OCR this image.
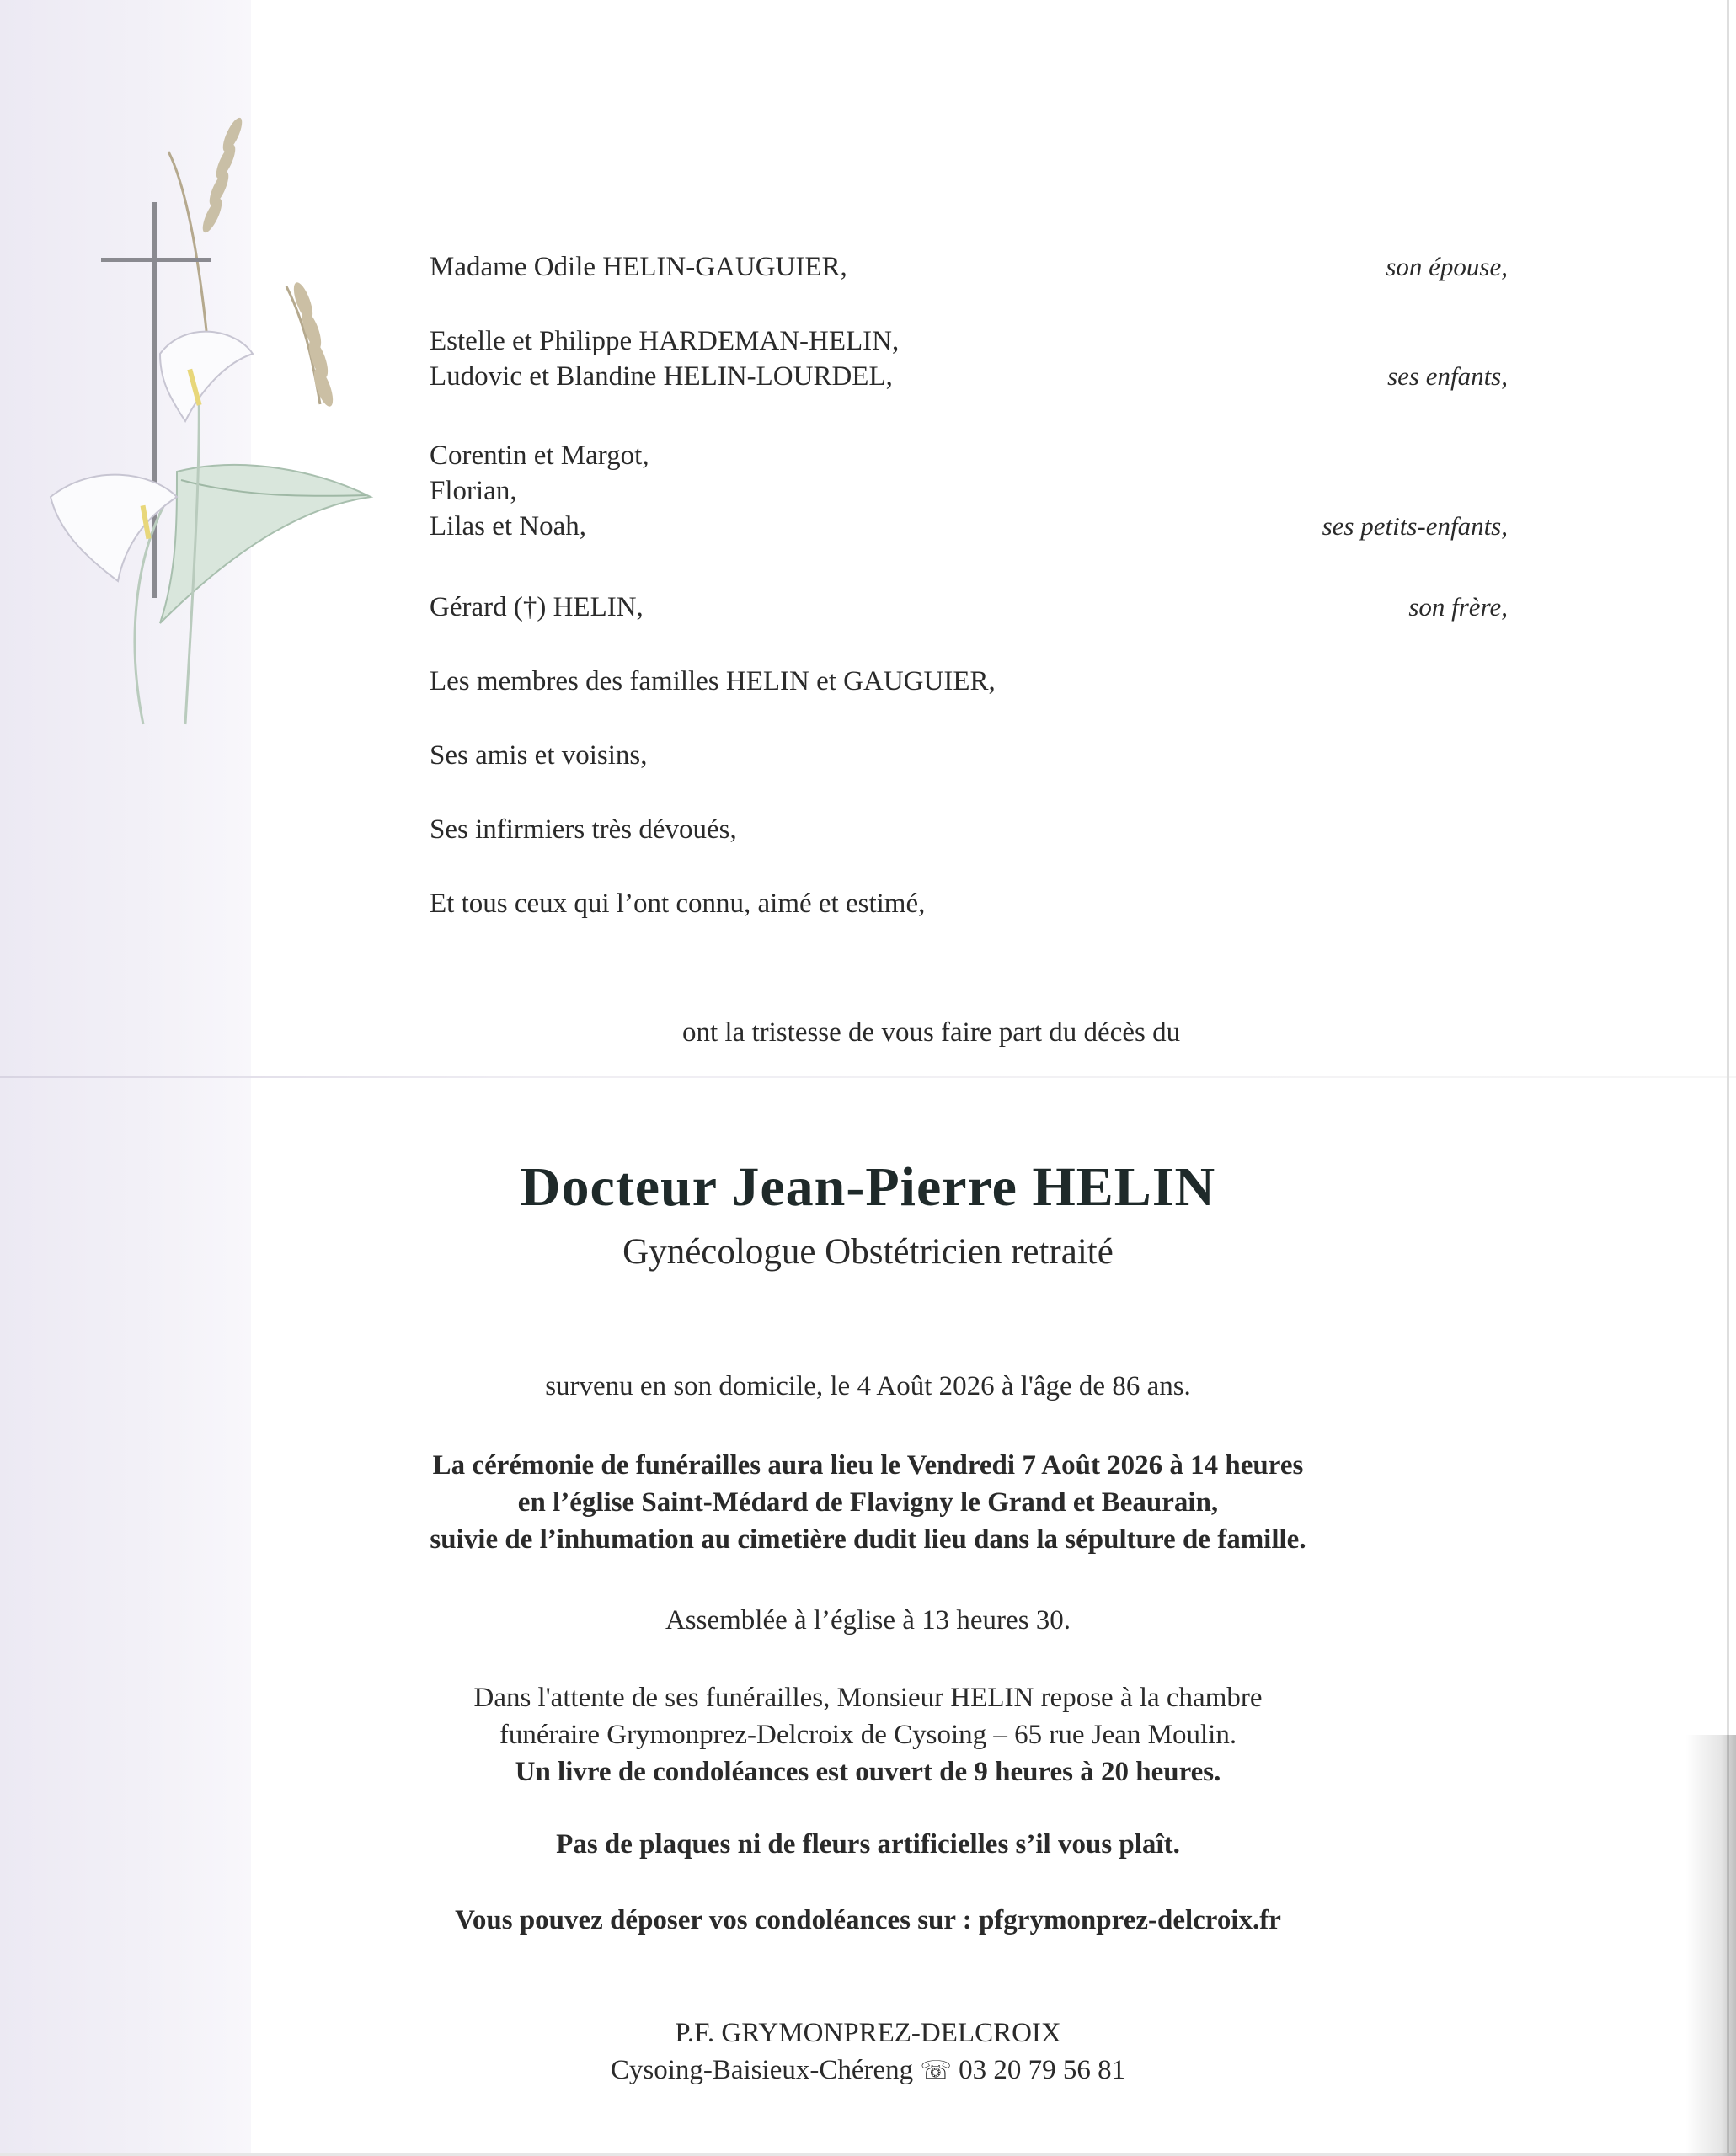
Madame Odile HELIN-GAUGUIER,	son épouse,
Estelle et Philippe HARDEMAN-HELIN,
Ludovic et Blandine HELIN-LOURDEL,	ses enfants,
Corentin et Margot,
Florian,
Lilas et Noah,	ses petits-enfants,
Gérard (†) HELIN,	son frère,
Les membres des familles HELIN et GAUGUIER,
Ses amis et voisins,
Ses infirmiers très dévoués,
Et tous ceux qui l’ont connu, aimé et estimé,
ont la tristesse de vous faire part du décès du
Docteur Jean-Pierre HELIN
Gynécologue Obstétricien retraité
survenu en son domicile, le 4 Août 2026 à l'âge de 86 ans.
La cérémonie de funérailles aura lieu le Vendredi 7 Août 2026 à 14 heures
en l’église Saint-Médard de Flavigny le Grand et Beaurain,
suivie de l’inhumation au cimetière dudit lieu dans la sépulture de famille.
Assemblée à l’église à 13 heures 30.
Dans l'attente de ses funérailles, Monsieur HELIN repose à la chambre
funéraire Grymonprez-Delcroix de Cysoing – 65 rue Jean Moulin.
Un livre de condoléances est ouvert de 9 heures à 20 heures.
Pas de plaques ni de fleurs artificielles s’il vous plaît.
Vous pouvez déposer vos condoléances sur : pfgrymonprez-delcroix.fr
P.F. GRYMONPREZ-DELCROIX
Cysoing-Baisieux-Chéreng ☏ 03 20 79 56 81
